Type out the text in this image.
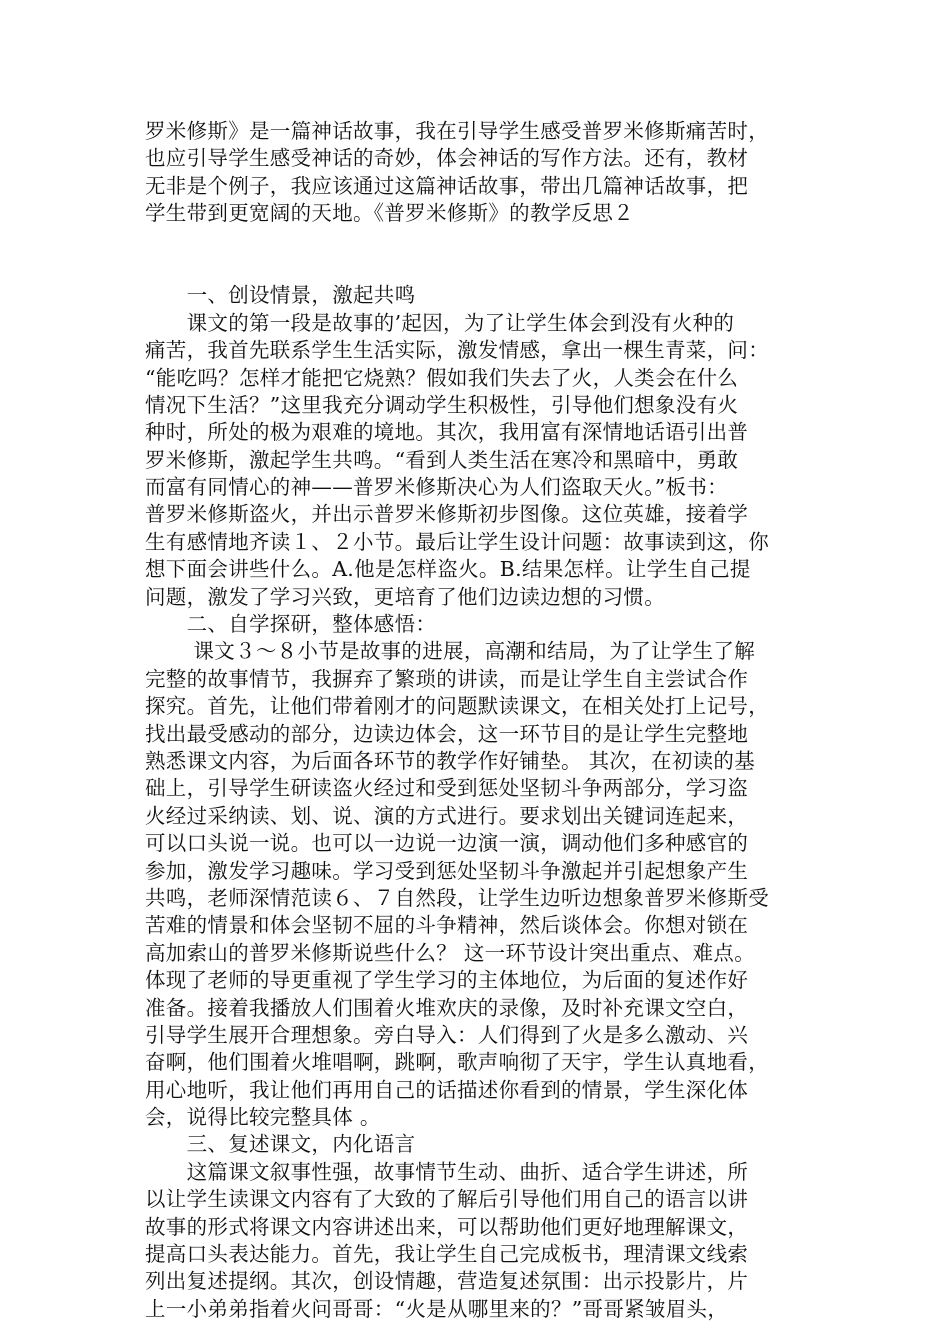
罗米修斯》是一篇神话故事，我在引导学生感受普罗米修斯痛苦时，
也应引导学生感受神话的奇妙，体会神话的写作方法。还有，教材
无非是个例子，我应该通过这篇神话故事，带出几篇神话故事，把
学生带到更宽阔的天地。《普罗米修斯》的教学反思２
　　一、创设情景，激起共鸣
　　课文的第一段是故事的’起因，为了让学生体会到没有火种的
痛苦，我首先联系学生生活实际，激发情感，拿出一棵生青菜，问：
“能吃吗？怎样才能把它烧熟？假如我们失去了火，人类会在什么
情况下生活？”这里我充分调动学生积极性，引导他们想象没有火
种时，所处的极为艰难的境地。其次，我用富有深情地话语引出普
罗米修斯，激起学生共鸣。“看到人类生活在寒冷和黑暗中，勇敢
而富有同情心的神——普罗米修斯决心为人们盗取天火。”板书：
普罗米修斯盗火，并出示普罗米修斯初步图像。这位英雄，接着学
生有感情地齐读１、２小节。最后让学生设计问题：故事读到这，你
想下面会讲些什么。A.他是怎样盗火。B.结果怎样。让学生自己提
问题，激发了学习兴致，更培育了他们边读边想的习惯。
　　二、自学探研，整体感悟：
　　 课文３～８小节是故事的进展，高潮和结局，为了让学生了解
完整的故事情节，我摒弃了繁琐的讲读，而是让学生自主尝试合作
探究。首先，让他们带着刚才的问题默读课文，在相关处打上记号，
找出最受感动的部分，边读边体会，这一环节目的是让学生完整地
熟悉课文内容，为后面各环节的教学作好铺垫。 其次，在初读的基
础上，引导学生研读盗火经过和受到惩处坚韧斗争两部分，学习盗
火经过采纳读、划、说、演的方式进行。要求划出关键词连起来，
可以口头说一说。也可以一边说一边演一演，调动他们多种感官的
参加，激发学习趣味。学习受到惩处坚韧斗争激起并引起想象产生
共鸣，老师深情范读６、７自然段，让学生边听边想象普罗米修斯受
苦难的情景和体会坚韧不屈的斗争精神，然后谈体会。你想对锁在
高加索山的普罗米修斯说些什么？ 这一环节设计突出重点、难点。
体现了老师的导更重视了学生学习的主体地位，为后面的复述作好
准备。接着我播放人们围着火堆欢庆的录像，及时补充课文空白，
引导学生展开合理想象。旁白导入：人们得到了火是多么激动、兴
奋啊，他们围着火堆唱啊，跳啊，歌声响彻了天宇，学生认真地看，
用心地听，我让他们再用自己的话描述你看到的情景，学生深化体
会，说得比较完整具体 。
　　三、复述课文，内化语言
　　这篇课文叙事性强，故事情节生动、曲折、适合学生讲述，所
以让学生读课文内容有了大致的了解后引导他们用自己的语言以讲
故事的形式将课文内容讲述出来，可以帮助他们更好地理解课文，
提高口头表达能力。首先，我让学生自己完成板书，理清课文线索
列出复述提纲。其次，创设情趣，营造复述氛围：出示投影片，片
上一小弟弟指着火问哥哥：“火是从哪里来的？”哥哥紧皱眉头，
